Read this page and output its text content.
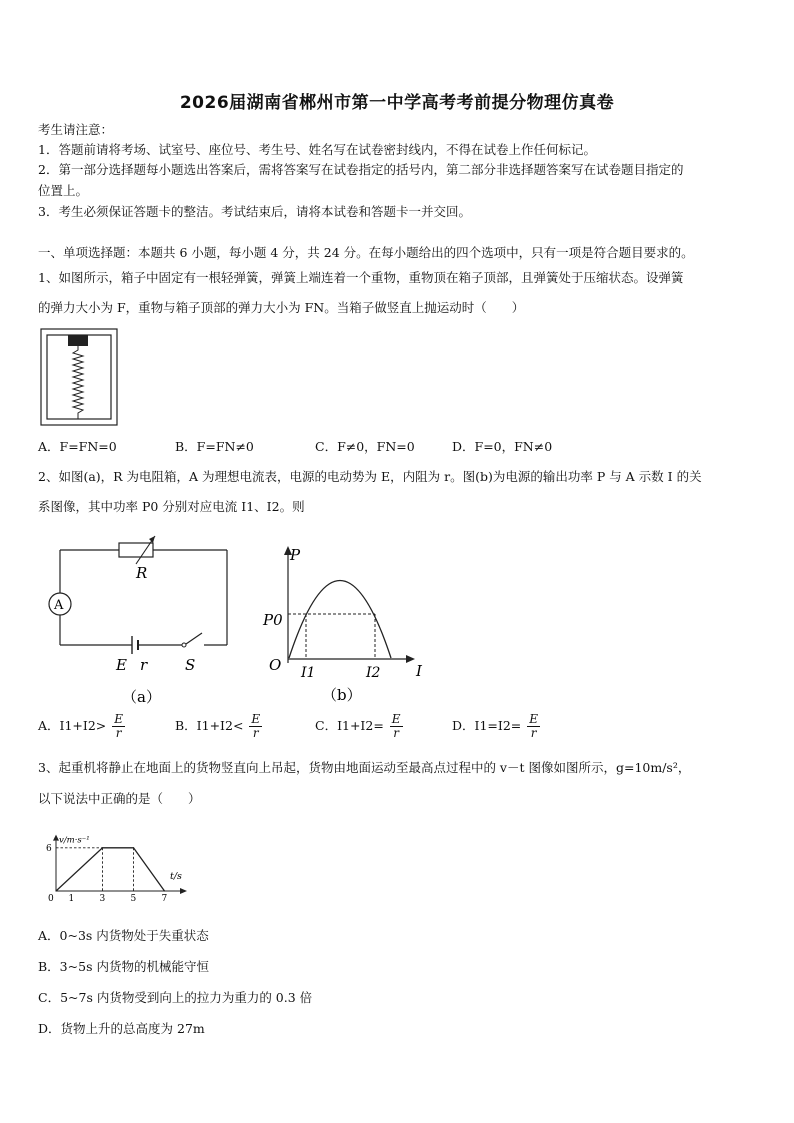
2026届湖南省郴州市第一中学高考考前提分物理仿真卷
考生请注意：
1．答题前请将考场、试室号、座位号、考生号、姓名写在试卷密封线内，不得在试卷上作任何标记。
2．第一部分选择题每小题选出答案后，需将答案写在试卷指定的括号内，第二部分非选择题答案写在试卷题目指定的
位置上。
3．考生必须保证答题卡的整洁。考试结束后，请将本试卷和答题卡一并交回。
一、单项选择题：本题共 6 小题，每小题 4 分，共 24 分。在每小题给出的四个选项中，只有一项是符合题目要求的。
1、如图所示，箱子中固定有一根轻弹簧，弹簧上端连着一个重物，重物顶在箱子顶部，且弹簧处于压缩状态。设弹簧
的弹力大小为 F，重物与箱子顶部的弹力大小为 FN。当箱子做竖直上抛运动时（　　）
A．F=FN=0	B．F=FN≠0	C．F≠0，FN=0	D．F=0，FN≠0
2、如图(a)，R 为电阻箱，A 为理想电流表，电源的电动势为 E，内阻为 r。图(b)为电源的输出功率 P 与 A 示数 I 的关
系图像，其中功率 P0 分别对应电流 I1、I2。则
R
A
E r	S
（a）
P
P0
O I1	I2 I
（b）
A．$I1+I2> \frac{E}{r}$	B．$I1+I2< \frac{E}{r}$	C．$I1+I2= \frac{E}{r}$	D．$I1=I2= \frac{E}{r}$
3、起重机将静止在地面上的货物竖直向上吊起，货物由地面运动至最高点过程中的 v－t 图像如图所示，g=10m/s²，
以下说法中正确的是（　　）
v/m·s⁻¹
t/s
0 1	3	5	7
6
A．0~3s 内货物处于失重状态
B．3~5s 内货物的机械能守恒
C．5~7s 内货物受到向上的拉力为重力的 0.3 倍
D．货物上升的总高度为 27m
